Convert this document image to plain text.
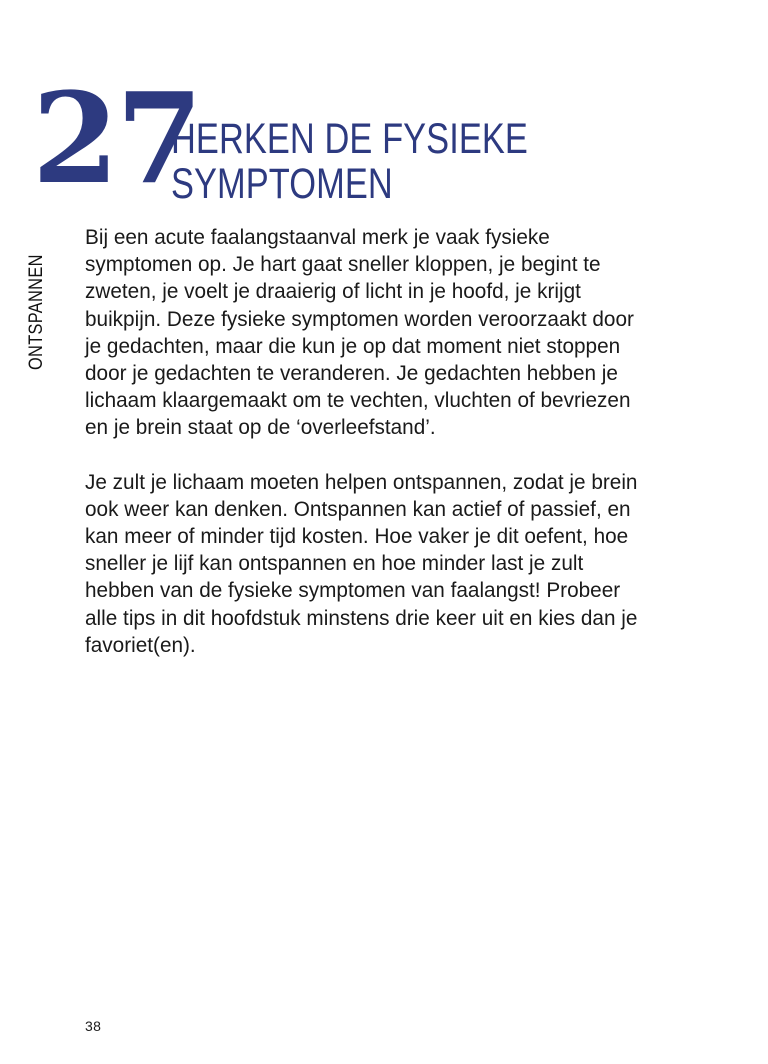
27
HERKEN DE FYSIEKE
SYMPTOMEN
ONTSPANNEN

Bij een acute faalangstaanval merk je vaak fysieke symptomen op. Je hart gaat sneller kloppen, je begint te zweten, je voelt je draaierig of licht in je hoofd, je krijgt buikpijn. Deze fysieke symptomen worden veroorzaakt door je gedachten, maar die kun je op dat moment niet stoppen door je gedachten te veranderen. Je gedachten hebben je lichaam klaargemaakt om te vechten, vluchten of bevriezen en je brein staat op de ‘overleefstand’.

Je zult je lichaam moeten helpen ontspannen, zodat je brein ook weer kan denken. Ontspannen kan actief of passief, en kan meer of minder tijd kosten. Hoe vaker je dit oefent, hoe sneller je lijf kan ontspannen en hoe minder last je zult hebben van de fysieke symptomen van faalangst! Probeer alle tips in dit hoofdstuk minstens drie keer uit en kies dan je favoriet(en).

38
